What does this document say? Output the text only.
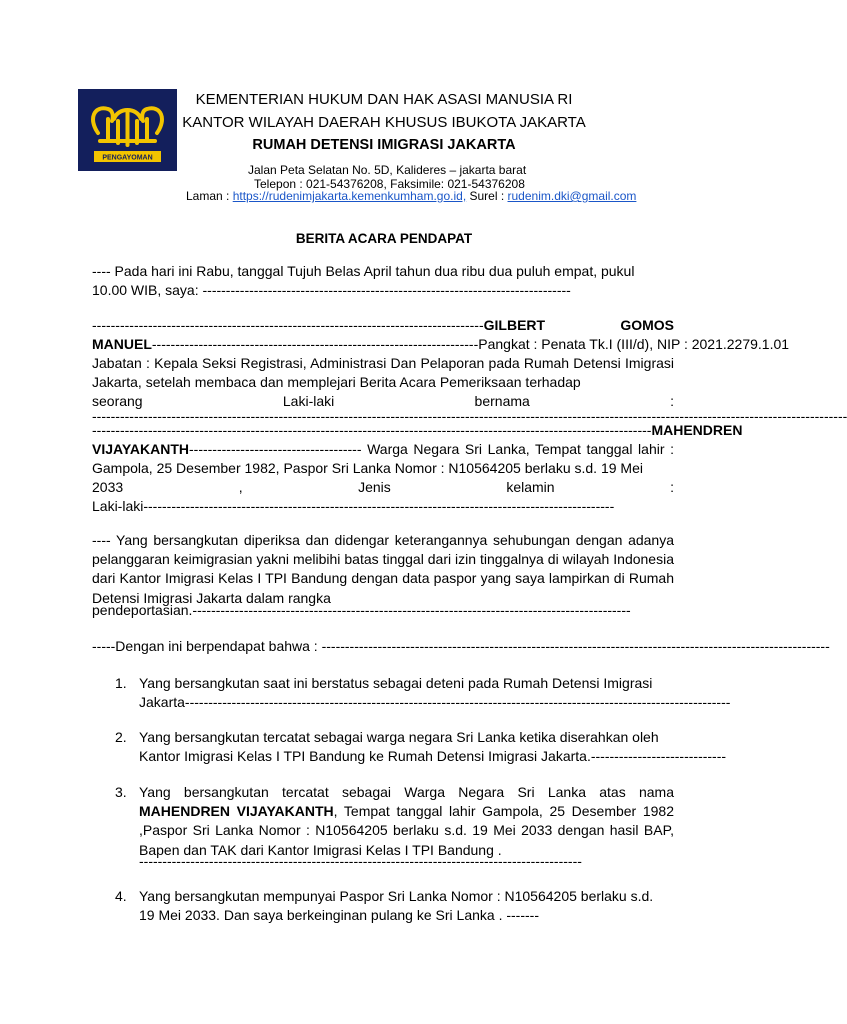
PENGAYOMAN
KEMENTERIAN HUKUM DAN HAK ASASI MANUSIA RI
KANTOR WILAYAH DAERAH KHUSUS IBUKOTA JAKARTA
RUMAH DETENSI IMIGRASI JAKARTA
Jalan Peta Selatan No. 5D, Kalideres – jakarta barat
Telepon : 021-54376208, Faksimile: 021-54376208
Laman : https://rudenimjakarta.kemenkumham.go.id, Surel : rudenim.dki@gmail.com
BERITA ACARA PENDAPAT
---- Pada hari ini Rabu, tanggal Tujuh Belas April tahun dua ribu dua puluh empat, pukul
10.00 WIB, saya: -------------------------------------------------------------------------------
------------------------------------------------------------------------------------ GILBERT	GOMOS
MANUEL ---------------------------------------------------------------------- Pangkat : Penata Tk.I (III/d), NIP : 2021.2279.1.01
Jabatan : Kepala Seksi Registrasi, Administrasi Dan Pelaporan pada Rumah Detensi Imigrasi Jakarta, setelah membaca dan memplejari Berita Acara Pemeriksaan terhadap
seorang	Laki-laki	bernama	:
------------------------------------------------------------------------------------------------------------------------------------------------------------------
------------------------------------------------------------------------------------------------------------------------ MAHENDREN
VIJAYAKANTH------------------------------------- Warga Negara Sri Lanka, Tempat tanggal lahir : Gampola, 25 Desember 1982, Paspor Sri Lanka Nomor : N10564205 berlaku s.d. 19 Mei
2033	,	Jenis	kelamin	:
Laki-laki-----------------------------------------------------------------------------------------------------
---- Yang bersangkutan diperiksa dan didengar keterangannya sehubungan dengan adanya pelanggaran keimigrasian yakni melibihi batas tinggal dari izin tinggalnya di wilayah Indonesia dari Kantor Imigrasi Kelas I TPI Bandung dengan data paspor yang saya lampirkan di Rumah Detensi Imigrasi Jakarta dalam rangka
pendeportasian.----------------------------------------------------------------------------------------------
-----Dengan ini berpendapat bahwa : -------------------------------------------------------------------------------------------------------------
1. Yang bersangkutan saat ini berstatus sebagai deteni pada Rumah Detensi Imigrasi
Jakarta---------------------------------------------------------------------------------------------------------------------
2. Yang bersangkutan tercatat sebagai warga negara Sri Lanka ketika diserahkan oleh
Kantor Imigrasi Kelas I TPI Bandung ke Rumah Detensi Imigrasi Jakarta.-----------------------------
3. Yang bersangkutan tercatat sebagai Warga Negara Sri Lanka atas nama MAHENDREN VIJAYAKANTH, Tempat tanggal lahir Gampola, 25 Desember 1982 ,Paspor Sri Lanka Nomor : N10564205 berlaku s.d. 19 Mei 2033 dengan hasil BAP, Bapen dan TAK dari Kantor Imigrasi Kelas I TPI Bandung .
-----------------------------------------------------------------------------------------------
4. Yang bersangkutan mempunyai Paspor Sri Lanka Nomor : N10564205 berlaku s.d.
19 Mei 2033. Dan saya berkeinginan pulang ke Sri Lanka . -------
